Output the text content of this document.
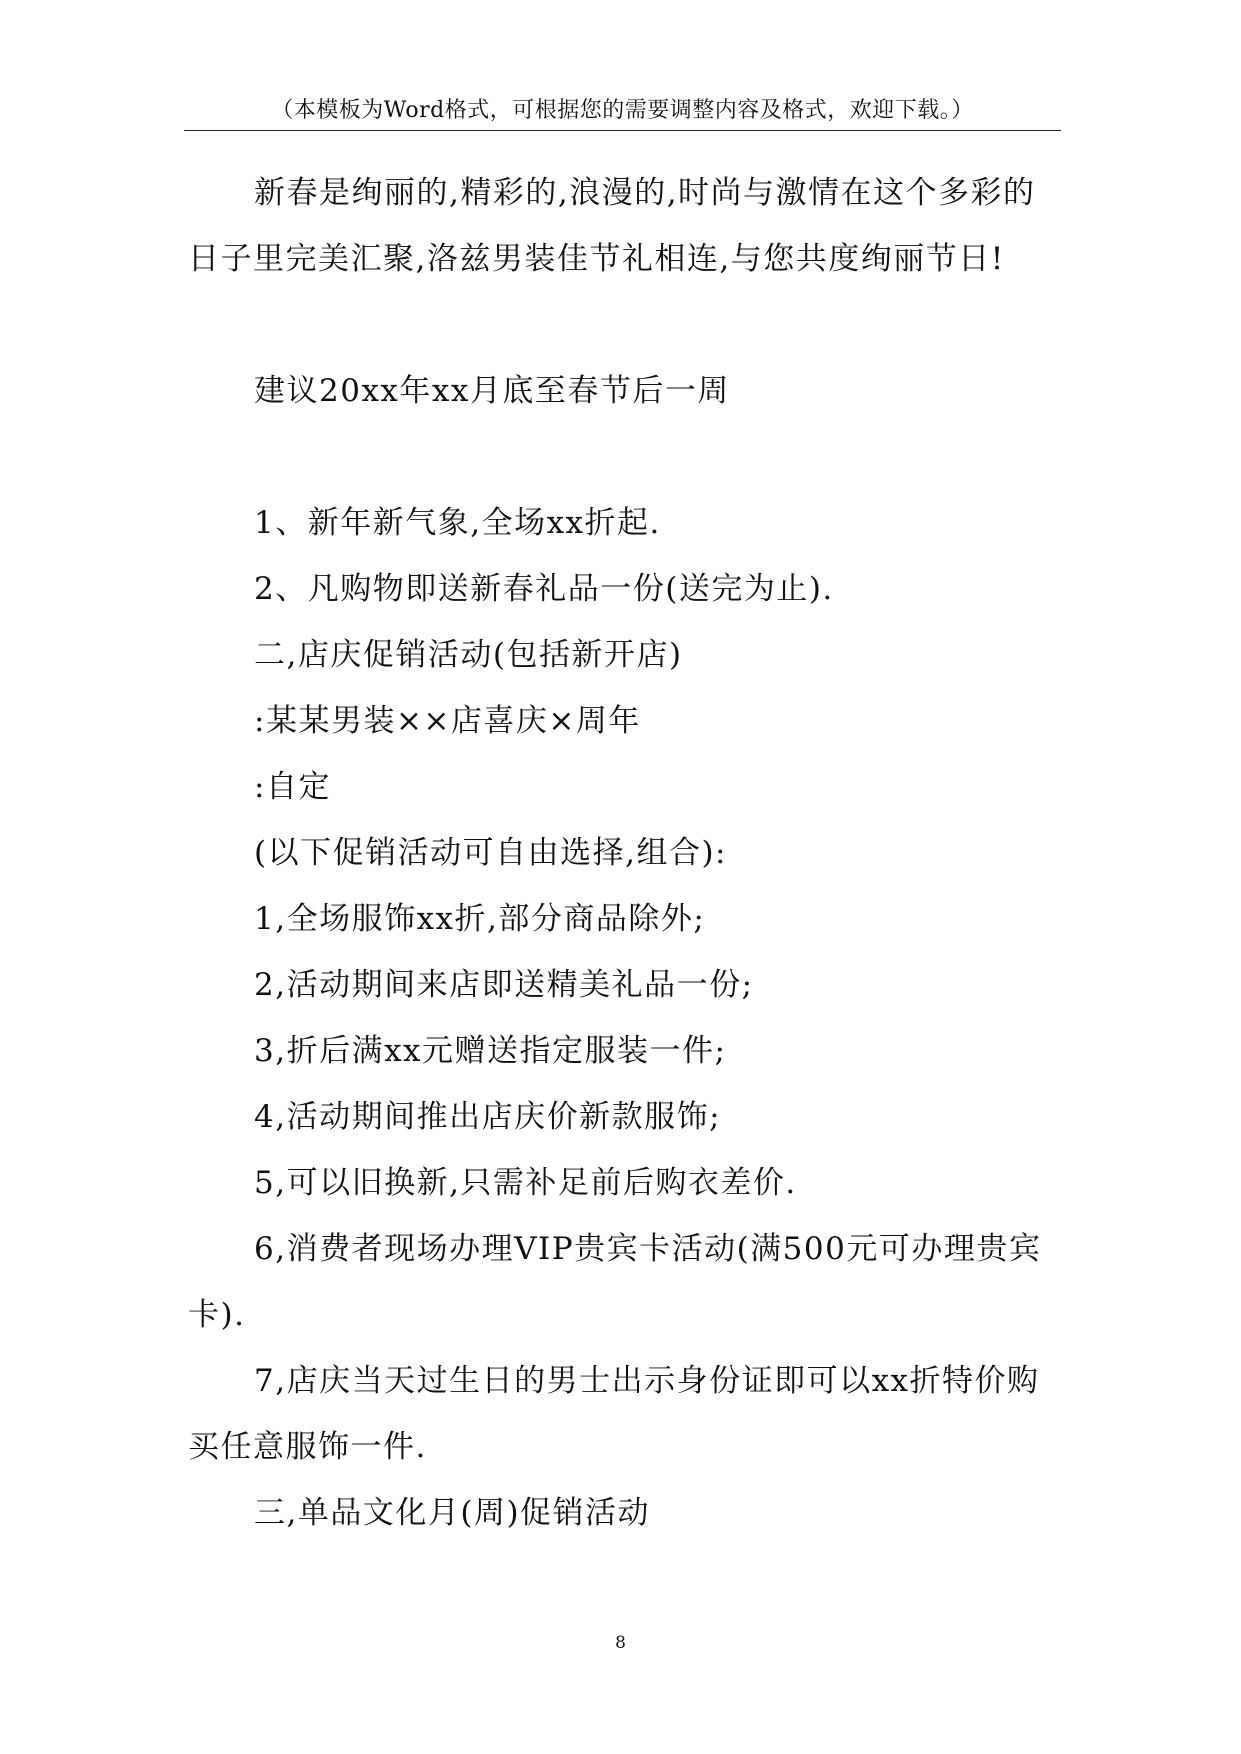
（本模板为Word格式，可根据您的需要调整内容及格式，欢迎下载。）

新春是绚丽的,精彩的,浪漫的,时尚与激情在这个多彩的日子里完美汇聚,洛兹男装佳节礼相连,与您共度绚丽节日!

建议20xx年xx月底至春节后一周

1、新年新气象,全场xx折起.

2、凡购物即送新春礼品一份(送完为止).

二,店庆促销活动(包括新开店)

:某某男装××店喜庆×周年

:自定

(以下促销活动可自由选择,组合):

1,全场服饰xx折,部分商品除外;

2,活动期间来店即送精美礼品一份;

3,折后满xx元赠送指定服装一件;

4,活动期间推出店庆价新款服饰;

5,可以旧换新,只需补足前后购衣差价.

6,消费者现场办理VIP贵宾卡活动(满500元可办理贵宾卡).

7,店庆当天过生日的男士出示身份证即可以xx折特价购买任意服饰一件.

三,单品文化月(周)促销活动

8
